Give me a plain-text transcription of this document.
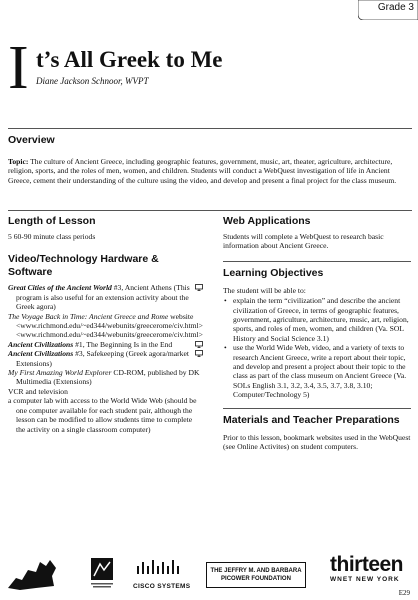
Grade 3
I t’s All Greek to Me
Diane Jackson Schnoor, WVPT
Overview
Topic: The culture of Ancient Greece, including geographic features, government, music, art, theater, agriculture, architecture, religion, sports, and the roles of men, women, and children. Students will conduct a WebQuest investigation of life in Ancient Greece, cement their understanding of the culture using the video, and develop and present a final project for the class museum.
Length of Lesson	Web Applications
5 60-90 minute class periods
Video/Technology Hardware & Software

Great Cities of the Ancient World #3, Ancient Athens (This program is also useful for an extension activity about the Greek agora)

The Voyage Back in Time: Ancient Greece and Rome website <www.richmond.edu/~ed344/webunits/greecerome/civ.html> <www.richmond.edu/~ed344/webunits/greecerome/civ.html>

Ancient Civilizations #1, The Beginning Is in the End

Ancient Civilizations #3, Safekeeping (Greek agora/market Extensions)

My First Amazing World Explorer CD-ROM, published by DK Multimedia (Extensions)

VCR and television

a computer lab with access to the World Wide Web (should be one computer available for each student pair, although the lesson can be modified to allow students time to complete the activity on a single classroom computer)

Students will complete a WebQuest to research basic information about Ancient Greece.
Learning Objectives
The student will be able to:
• explain the term “civilization” and describe the ancient civilization of Greece, in terms of geographic features, government, agriculture, architecture, music, art, religion, sports, and roles of men, women, and children (Va. SOL History and Social Science 3.1)
• use the World Wide Web, video, and a variety of texts to research Ancient Greece, write a report about their topic, and develop and present a project about their topic to the class as part of the class museum on Ancient Greece (Va. SOLs English 3.1, 3.2, 3.4, 3.5, 3.7, 3.8, 3.10; Computer/Technology 5)
Materials and Teacher Preparations
Prior to this lesson, bookmark websites used in the WebQuest (see Online Activites) on student computers.
CISCO SYSTEMS
THE JEFFRY M. AND BARBARA PICOWER FOUNDATION
thirteen
WNET NEW YORK
E29
